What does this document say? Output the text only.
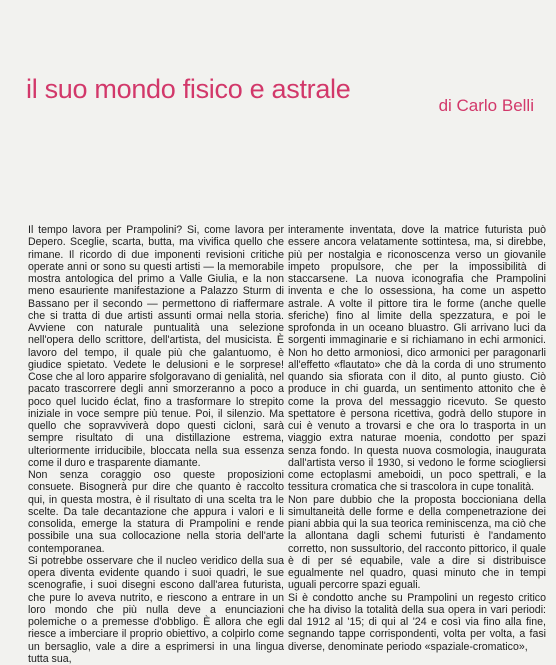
il suo mondo fisico e astrale
di Carlo Belli

Il tempo lavora per Prampolini? Si, come lavora per Depero. Sceglie, scarta, butta, ma vivifica quello che rimane. Il ricordo di due imponenti revisioni critiche operate anni or sono su questi artisti — la memorabile mostra antologica del primo a Valle Giulia, e la non meno esauriente manifestazione a Palazzo Sturm di Bassano per il secondo — permettono di riaffermare che si tratta di due artisti assunti ormai nella storia. Avviene con naturale puntualità una selezione nell'opera dello scrittore, dell'artista, del musicista. È lavoro del tempo, il quale più che galantuomo, è giudice spietato. Vedete le delusioni e le sorprese! Cose che al loro apparire sfolgoravano di genialità, nel pacato trascorrere degli anni smorzeranno a poco a poco quel lucido éclat, fino a trasformare lo strepito iniziale in voce sempre più tenue. Poi, il silenzio. Ma quello che sopravviverà dopo questi cicloni, sarà sempre risultato di una distillazione estrema, ulteriormente irriducibile, bloccata nella sua essenza come il duro e trasparente diamante.

Non senza coraggio oso queste proposizioni consuete. Bisognerà pur dire che quanto è raccolto qui, in questa mostra, è il risultato di una scelta tra le scelte. Da tale decantazione che appura i valori e li consolida, emerge la statura di Prampolini e rende possibile una sua collocazione nella storia dell'arte contemporanea.

Si potrebbe osservare che il nucleo veridico della sua opera diventa evidente quando i suoi quadri, le sue scenografie, i suoi disegni escono dall'area futurista, che pure lo aveva nutrito, e riescono a entrare in un loro mondo che più nulla deve a enunciazioni polemiche o a premesse d'obbligo. È allora che egli riesce a imberciare il proprio obiettivo, a colpirlo come un bersaglio, vale a dire a esprimersi in una lingua tutta sua,

interamente inventata, dove la matrice futurista può essere ancora velatamente sottintesa, ma, si direbbe, più per nostalgia e riconoscenza verso un giovanile impeto propulsore, che per la impossibilità di staccarsene. La nuova iconografia che Prampolini inventa e che lo ossessiona, ha come un aspetto astrale. A volte il pittore tira le forme (anche quelle sferiche) fino al limite della spezzatura, e poi le sprofonda in un oceano bluastro. Gli arrivano luci da sorgenti immaginarie e si richiamano in echi armonici. Non ho detto armoniosi, dico armonici per paragonarli all'effetto «flautato» che dà la corda di uno strumento quando sia sfiorata con il dito, al punto giusto. Ciò produce in chi guarda, un sentimento attonito che è come la prova del messaggio ricevuto. Se questo spettatore è persona ricettiva, godrà dello stupore in cui è venuto a trovarsi e che ora lo trasporta in un viaggio extra naturae moenia, condotto per spazi senza fondo. In questa nuova cosmologia, inaugurata dall'artista verso il 1930, si vedono le forme sciogliersi come ectoplasmi ameboidi, un poco spettrali, e la tessitura cromatica che si trascolora in cupe tonalità.

Non pare dubbio che la proposta boccioniana della simultaneità delle forme e della compenetrazione dei piani abbia qui la sua teorica reminiscenza, ma ciò che la allontana dagli schemi futuristi è l'andamento corretto, non sussultorio, del racconto pittorico, il quale è di per sé equabile, vale a dire si distribuisce egualmente nel quadro, quasi minuto che in tempi uguali percorre spazi eguali.

Si è condotto anche su Prampolini un regesto critico che ha diviso la totalità della sua opera in vari periodi: dal 1912 al '15; di qui al '24 e così via fino alla fine, segnando tappe corrispondenti, volta per volta, a fasi diverse, denominate periodo «spaziale-cromatico»,
